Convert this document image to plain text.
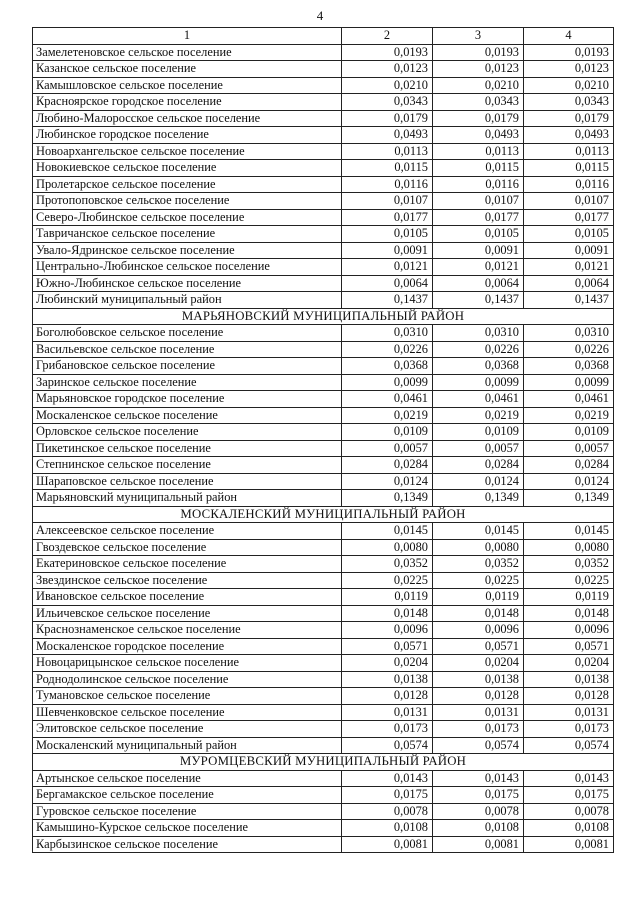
4
1	2	3	4
Замелетеновское сельское поселение	0,0193	0,0193	0,0193
Казанское сельское поселение	0,0123	0,0123	0,0123
Камышловское сельское поселение	0,0210	0,0210	0,0210
Красноярское городское поселение	0,0343	0,0343	0,0343
Любино-Малоросское сельское поселение	0,0179	0,0179	0,0179
Любинское городское поселение	0,0493	0,0493	0,0493
Новоархангельское сельское поселение	0,0113	0,0113	0,0113
Новокиевское сельское поселение	0,0115	0,0115	0,0115
Пролетарское сельское поселение	0,0116	0,0116	0,0116
Протопоповское сельское поселение	0,0107	0,0107	0,0107
Северо-Любинское сельское поселение	0,0177	0,0177	0,0177
Тавричанское сельское поселение	0,0105	0,0105	0,0105
Увало-Ядринское сельское поселение	0,0091	0,0091	0,0091
Центрально-Любинское сельское поселение	0,0121	0,0121	0,0121
Южно-Любинское сельское поселение	0,0064	0,0064	0,0064
Любинский муниципальный район	0,1437	0,1437	0,1437
МАРЬЯНОВСКИЙ МУНИЦИПАЛЬНЫЙ РАЙОН			
Боголюбовское сельское поселение	0,0310	0,0310	0,0310
Васильевское сельское поселение	0,0226	0,0226	0,0226
Грибановское сельское поселение	0,0368	0,0368	0,0368
Заринское сельское поселение	0,0099	0,0099	0,0099
Марьяновское городское поселение	0,0461	0,0461	0,0461
Москаленское сельское поселение	0,0219	0,0219	0,0219
Орловское сельское поселение	0,0109	0,0109	0,0109
Пикетинское сельское поселение	0,0057	0,0057	0,0057
Степнинское сельское поселение	0,0284	0,0284	0,0284
Шараповское сельское поселение	0,0124	0,0124	0,0124
Марьяновский муниципальный район	0,1349	0,1349	0,1349
МОСКАЛЕНСКИЙ МУНИЦИПАЛЬНЫЙ РАЙОН			
Алексеевское сельское поселение	0,0145	0,0145	0,0145
Гвоздевское сельское поселение	0,0080	0,0080	0,0080
Екатериновское сельское поселение	0,0352	0,0352	0,0352
Звездинское сельское поселение	0,0225	0,0225	0,0225
Ивановское сельское поселение	0,0119	0,0119	0,0119
Ильичевское сельское поселение	0,0148	0,0148	0,0148
Краснознаменское сельское поселение	0,0096	0,0096	0,0096
Москаленское городское поселение	0,0571	0,0571	0,0571
Новоцарицынское сельское поселение	0,0204	0,0204	0,0204
Роднодолинское сельское поселение	0,0138	0,0138	0,0138
Тумановское сельское поселение	0,0128	0,0128	0,0128
Шевченковское сельское поселение	0,0131	0,0131	0,0131
Элитовское сельское поселение	0,0173	0,0173	0,0173
Москаленский муниципальный район	0,0574	0,0574	0,0574
МУРОМЦЕВСКИЙ МУНИЦИПАЛЬНЫЙ РАЙОН			
Артынское сельское поселение	0,0143	0,0143	0,0143
Бергамакское сельское поселение	0,0175	0,0175	0,0175
Гуровское сельское поселение	0,0078	0,0078	0,0078
Камышино-Курское сельское поселение	0,0108	0,0108	0,0108
Карбызинское сельское поселение	0,0081	0,0081	0,0081
